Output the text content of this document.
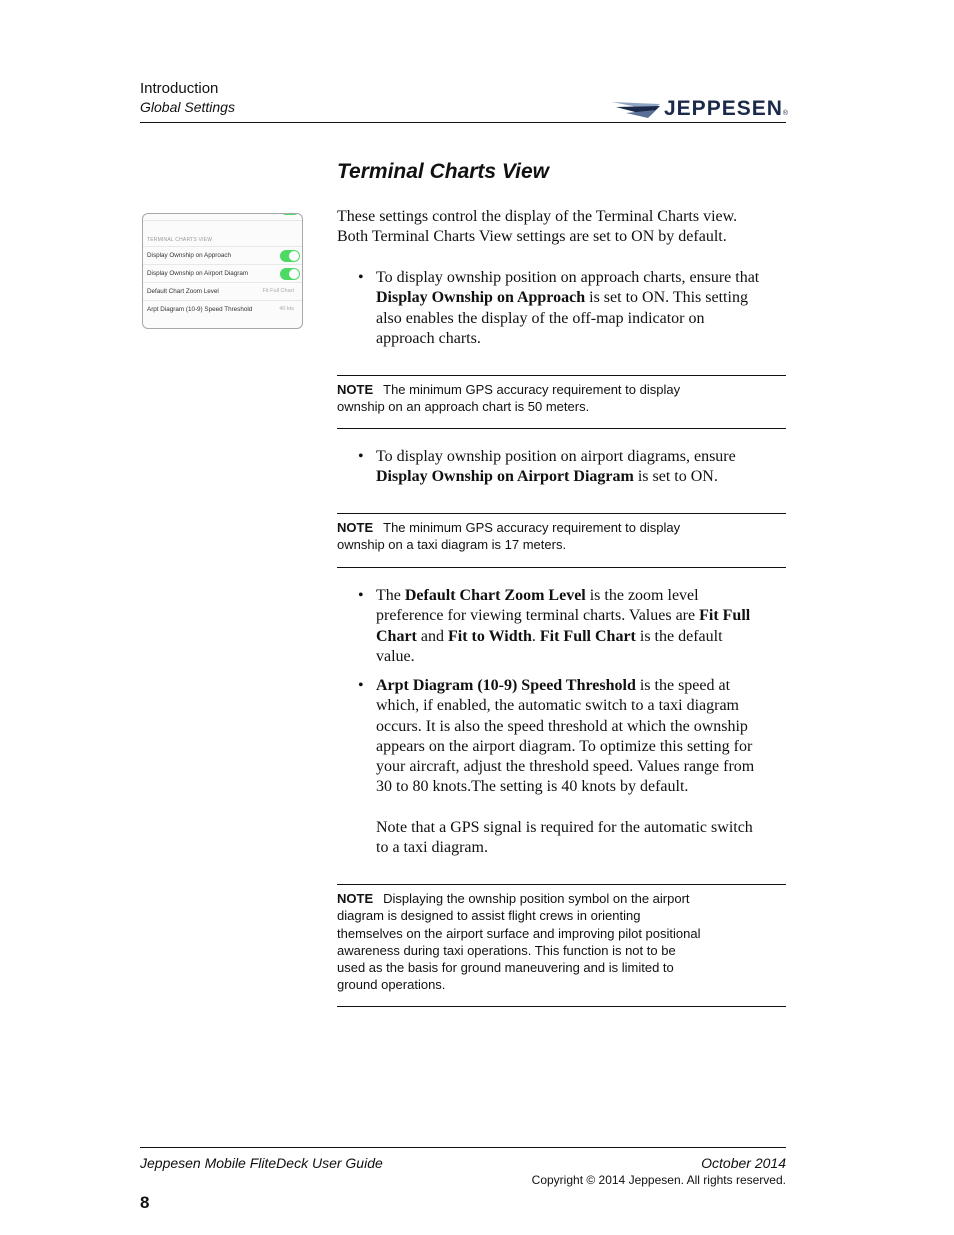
Introduction
Global Settings	JEPPESEN ®
Terminal Charts View
TERMINAL CHARTS VIEW
Display Ownship on Approach
Display Ownship on Airport Diagram
Default Chart Zoom Level	Fit Full Chart
Arpt Diagram (10-9) Speed Threshold	40 kts
These settings control the display of the Terminal Charts view.
Both Terminal Charts View settings are set to ON by default.
• To display ownship position on approach charts, ensure that
Display Ownship on Approach is set to ON. This setting
also enables the display of the off-map indicator on
approach charts.
NOTE The minimum GPS accuracy requirement to display
ownship on an approach chart is 50 meters.
• To display ownship position on airport diagrams, ensure
Display Ownship on Airport Diagram is set to ON.
NOTE The minimum GPS accuracy requirement to display
ownship on a taxi diagram is 17 meters.
• The Default Chart Zoom Level is the zoom level
preference for viewing terminal charts. Values are Fit Full
Chart and Fit to Width. Fit Full Chart is the default
value.
• Arpt Diagram (10-9) Speed Threshold is the speed at
which, if enabled, the automatic switch to a taxi diagram
occurs. It is also the speed threshold at which the ownship
appears on the airport diagram. To optimize this setting for
your aircraft, adjust the threshold speed. Values range from
30 to 80 knots.The setting is 40 knots by default.
Note that a GPS signal is required for the automatic switch
to a taxi diagram.
NOTE Displaying the ownship position symbol on the airport
diagram is designed to assist flight crews in orienting
themselves on the airport surface and improving pilot positional
awareness during taxi operations. This function is not to be
used as the basis for ground maneuvering and is limited to
ground operations.
Jeppesen Mobile FliteDeck User Guide	October 2014
Copyright © 2014 Jeppesen. All rights reserved.
8
